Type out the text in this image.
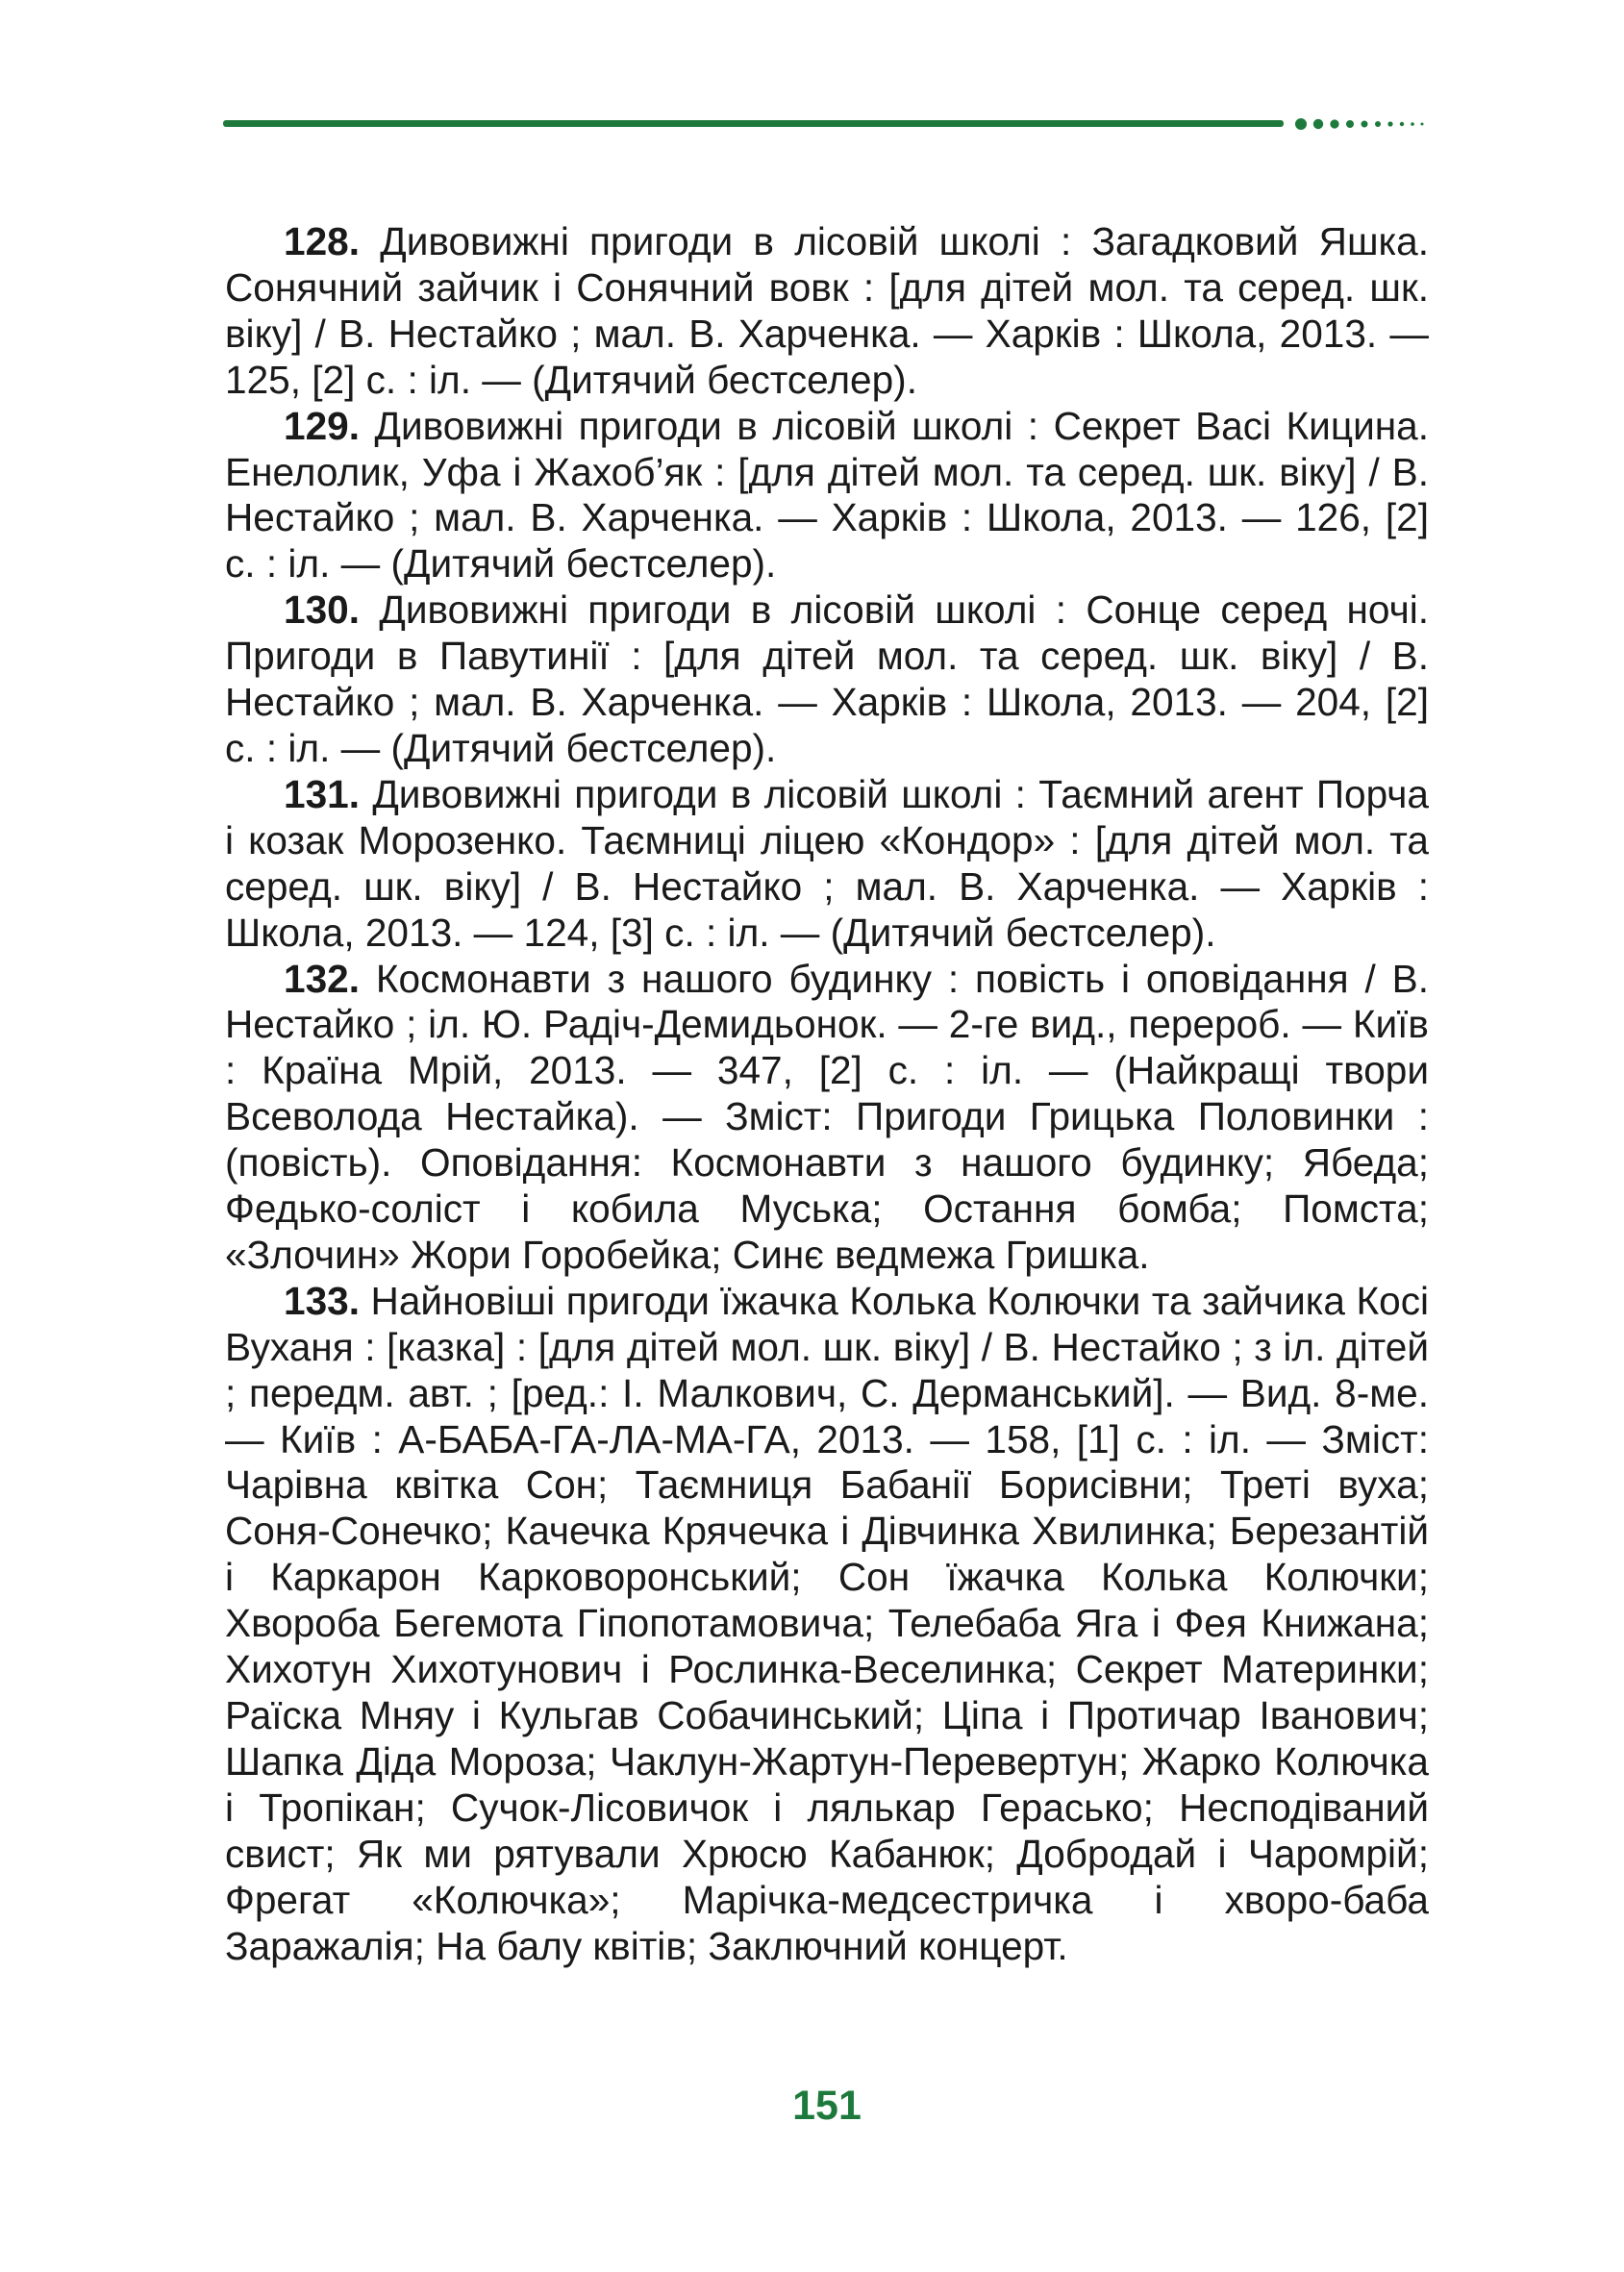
128. Дивовижні пригоди в лісовій школі : Загадковий Яшка. Сонячний зайчик і Сонячний вовк : [для дітей мол. та серед. шк. віку] / В. Нестайко ; мал. В. Харченка. — Харків : Школа, 2013. — 125, [2] с. : іл. — (Дитячий бестселер).

129. Дивовижні пригоди в лісовій школі : Секрет Васі Кицина. Енелолик, Уфа і Жахоб’як : [для дітей мол. та серед. шк. віку] / В. Нестайко ; мал. В. Харченка. — Харків : Школа, 2013. — 126, [2] с. : іл. — (Дитячий бестселер).

130. Дивовижні пригоди в лісовій школі : Сонце серед ночі. Пригоди в Павутинії : [для дітей мол. та серед. шк. віку] / В. Нестайко ; мал. В. Харченка. — Харків : Школа, 2013. — 204, [2] с. : іл. — (Дитячий бестселер).

131. Дивовижні пригоди в лісовій школі : Таємний агент Порча і козак Морозенко. Таємниці ліцею «Кондор» : [для дітей мол. та серед. шк. віку] / В. Нестайко ; мал. В. Харченка. — Харків : Школа, 2013. — 124, [3] с. : іл. — (Дитячий бестселер).

132. Космонавти з нашого будинку : повість і оповідання / В. Нестайко ; іл. Ю. Радіч-Демидьонок. — 2-ге вид., перероб. — Київ : Країна Мрій, 2013. — 347, [2] с. : іл. — (Найкращі твори Всеволода Нестайка). — Зміст: Пригоди Грицька Половинки : (повість). Оповідання: Космонавти з нашого будинку; Ябеда; Федько-соліст і кобила Муська; Остання бомба; Помста; «Злочин» Жори Горобейка; Синє ведмежа Гришка.

133. Найновіші пригоди їжачка Колька Колючки та зайчика Косі Вуханя : [казка] : [для дітей мол. шк. віку] / В. Нестайко ; з іл. дітей ; передм. авт. ; [ред.: І. Малкович, С. Дерманський]. — Вид. 8-ме. — Київ : А-БАБА-ГА-ЛА-МА-ГА, 2013. — 158, [1] с. : іл. — Зміст: Чарівна квітка Сон; Таємниця Бабанії Борисівни; Треті вуха; Соня-Сонечко; Качечка Крячечка і Дівчинка Хвилинка; Березантій і Каркарон Карковоронський; Сон їжачка Колька Колючки; Хвороба Бегемота Гіпопотамовича; Телебаба Яга і Фея Книжана; Хихотун Хихотунович і Рослинка-Веселинка; Секрет Материнки; Раїска Мняу і Кульгав Собачинський; Ціпа і Протичар Іванович; Шапка Діда Мороза; Чаклун-Жартун-Перевертун; Жарко Колючка і Тропікан; Сучок-Лісовичок і лялькар Гераськo; Несподіваний свист; Як ми рятували Хрюсю Кабанюк; Добродай і Чаромрій; Фрегат «Колючка»; Марічка-медсестричка і хворо-баба Заражалія; На балу квітів; Заключний концерт.

151
